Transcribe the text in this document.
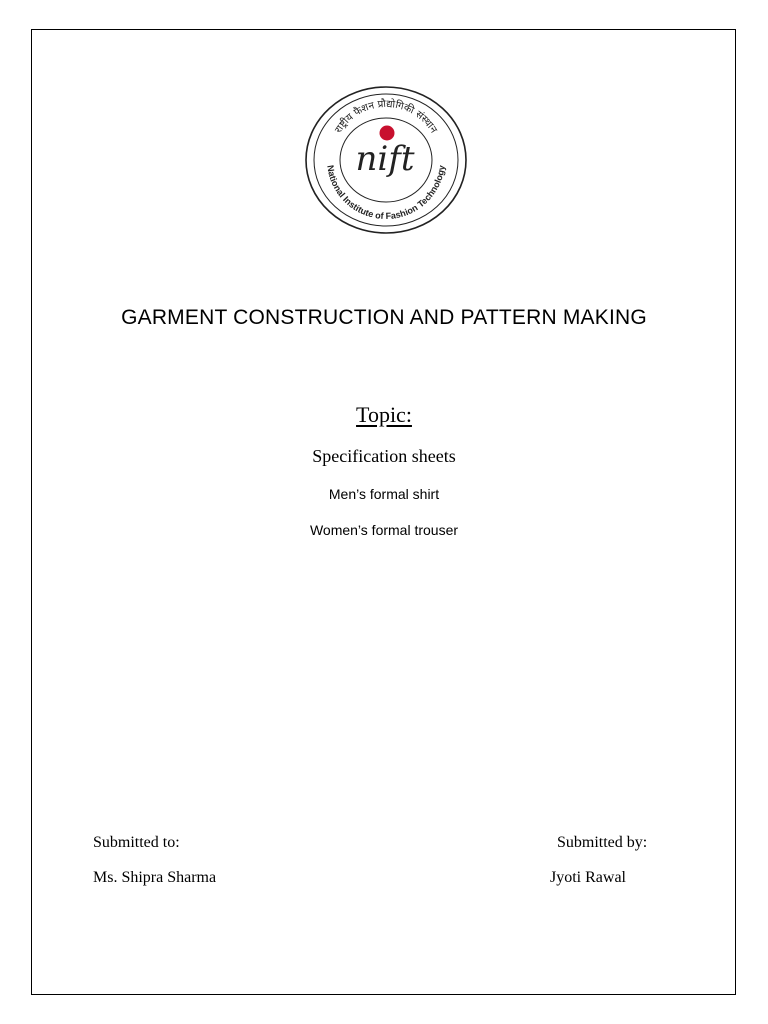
राष्ट्रीय फैशन प्रौद्योगिकी संस्थान
National Institute of Fashion Technology
nift
GARMENT CONSTRUCTION AND PATTERN MAKING
Topic:
Specification sheets
Men’s formal shirt
Women’s formal trouser
Submitted to:
Ms. Shipra Sharma
Submitted by:
Jyoti Rawal
